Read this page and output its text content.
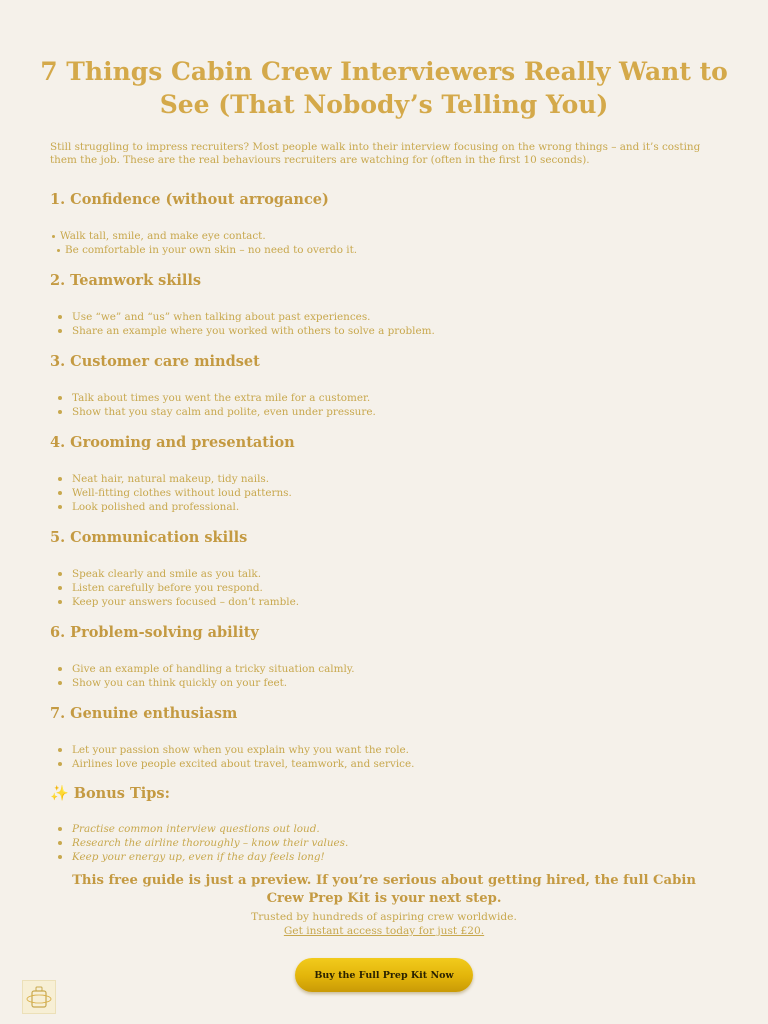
7 Things Cabin Crew Interviewers Really Want to See (That Nobody’s Telling You)

Still struggling to impress recruiters? Most people walk into their interview focusing on the wrong things – and it’s costing them the job. These are the real behaviours recruiters are watching for (often in the first 10 seconds).

1. Confidence (without arrogance)
Walk tall, smile, and make eye contact.
Be comfortable in your own skin – no need to overdo it.
2. Teamwork skills
Use “we” and “us” when talking about past experiences.
Share an example where you worked with others to solve a problem.
3. Customer care mindset
Talk about times you went the extra mile for a customer.
Show that you stay calm and polite, even under pressure.
4. Grooming and presentation
Neat hair, natural makeup, tidy nails.
Well-fitting clothes without loud patterns.
Look polished and professional.
5. Communication skills
Speak clearly and smile as you talk.
Listen carefully before you respond.
Keep your answers focused – don’t ramble.
6. Problem-solving ability
Give an example of handling a tricky situation calmly.
Show you can think quickly on your feet.
7. Genuine enthusiasm
Let your passion show when you explain why you want the role.
Airlines love people excited about travel, teamwork, and service.
✨ Bonus Tips:
Practise common interview questions out loud.
Research the airline thoroughly – know their values.
Keep your energy up, even if the day feels long!

This free guide is just a preview. If you’re serious about getting hired, the full Cabin Crew Prep Kit is your next step.

Trusted by hundreds of aspiring crew worldwide.

Get instant access today for just £20.

Buy the Full Prep Kit Now
